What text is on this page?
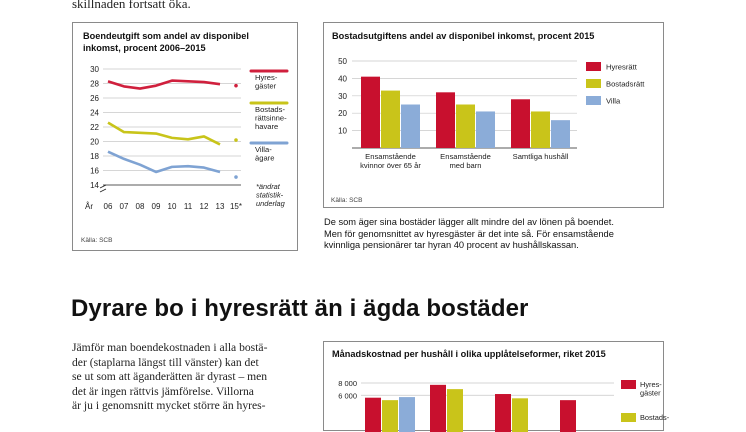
skillnaden fortsatt öka.
Boendeutgift som andel av disponibel
inkomst, procent 2006–2015
14
16
18
20
22
24
26
28
30
År 06 07 08 09 10 11 12 13 15*
Hyres-
gäster
Bostads-
rättsinne-
havare
Villa-
ägare
*ändrat
statistik-
underlag
Källa: SCB
Bostadsutgiftens andel av disponibel inkomst, procent 2015
10
20
30
40
50
Ensamstående
kvinnor över 65 år
Ensamstående
med barn
Samtliga hushåll
Hyresrätt
Bostadsrätt
Villa
Källa: SCB
De som äger sina bostäder lägger allt mindre del av lönen på boendet.
Men för genomsnittet av hyresgäster är det inte så. För ensamstående
kvinnliga pensionärer tar hyran 40 procent av hushållskassan.
Dyrare bo i hyresrätt än i ägda bostäder
Jämför man boendekostnaden i alla bostä-
der (staplarna längst till vänster) kan det
se ut som att äganderätten är dyrast – men
det är ingen rättvis jämförelse. Villorna
är ju i genomsnitt mycket större än hyres-
Månadskostnad per hushåll i olika upplåtelseformer, riket 2015
6 000
8 000	Hyres-
gäster
Bostads-
